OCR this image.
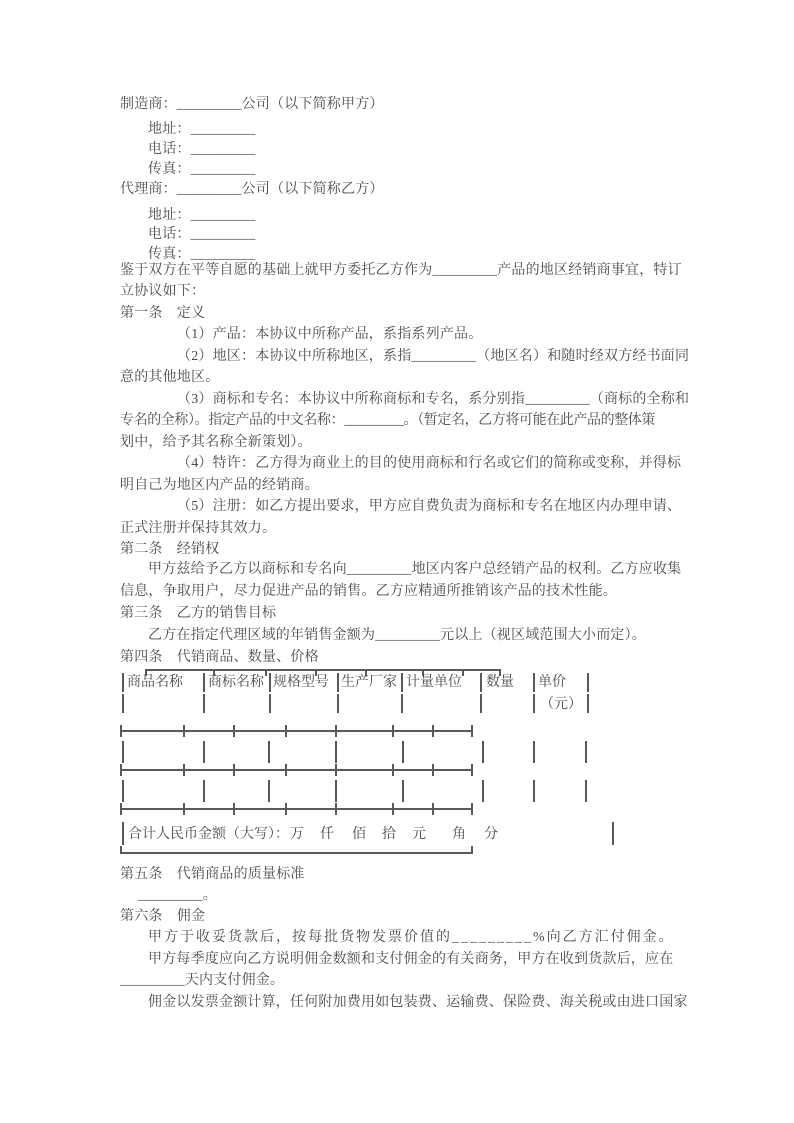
制造商：_________公司（以下简称甲方）
地址：_________
电话：_________
传真：_________
代理商：_________公司（以下简称乙方）
地址：_________
电话：_________
传真：_________
鉴于双方在平等自愿的基础上就甲方委托乙方作为_________产品的地区经销商事宜，特订
立协议如下：
第一条　定义
（1）产品：本协议中所称产品，系指系列产品。
（2）地区：本协议中所称地区，系指_________（地区名）和随时经双方经书面同
意的其他地区。
（3）商标和专名：本协议中所称商标和专名，系分别指_________（商标的全称和
专名的全称）。指定产品的中文名称：_________。（暂定名，乙方将可能在此产品的整体策
划中，给予其名称全新策划）。
（4）特许：乙方得为商业上的目的使用商标和行名或它们的简称或变称，并得标
明自己为地区内产品的经销商。
（5）注册：如乙方提出要求，甲方应自费负责为商标和专名在地区内办理申请、
正式注册并保持其效力。
第二条　经销权
甲方兹给予乙方以商标和专名向_________地区内客户总经销产品的权利。乙方应收集
信息，争取用户，尽力促进产品的销售。乙方应精通所推销该产品的技术性能。
第三条　乙方的销售目标
乙方在指定代理区域的年销售金额为_________元以上（视区域范围大小而定）。
第四条　代销商品、数量、价格
商品名称 商标名称 规格型号 生产厂家 计量单位 数量 单价
（元）
合计人民币金额（大写）： 万 仟 佰 拾 元 角 分
第五条　代销商品的质量标准
_________。
第六条　佣金
甲方于收妥货款后，按每批货物发票价值的_________%向乙方汇付佣金。
甲方每季度应向乙方说明佣金数额和支付佣金的有关商务，甲方在收到货款后，应在
_________天内支付佣金。
佣金以发票金额计算，任何附加费用如包装费、运输费、保险费、海关税或由进口国家
